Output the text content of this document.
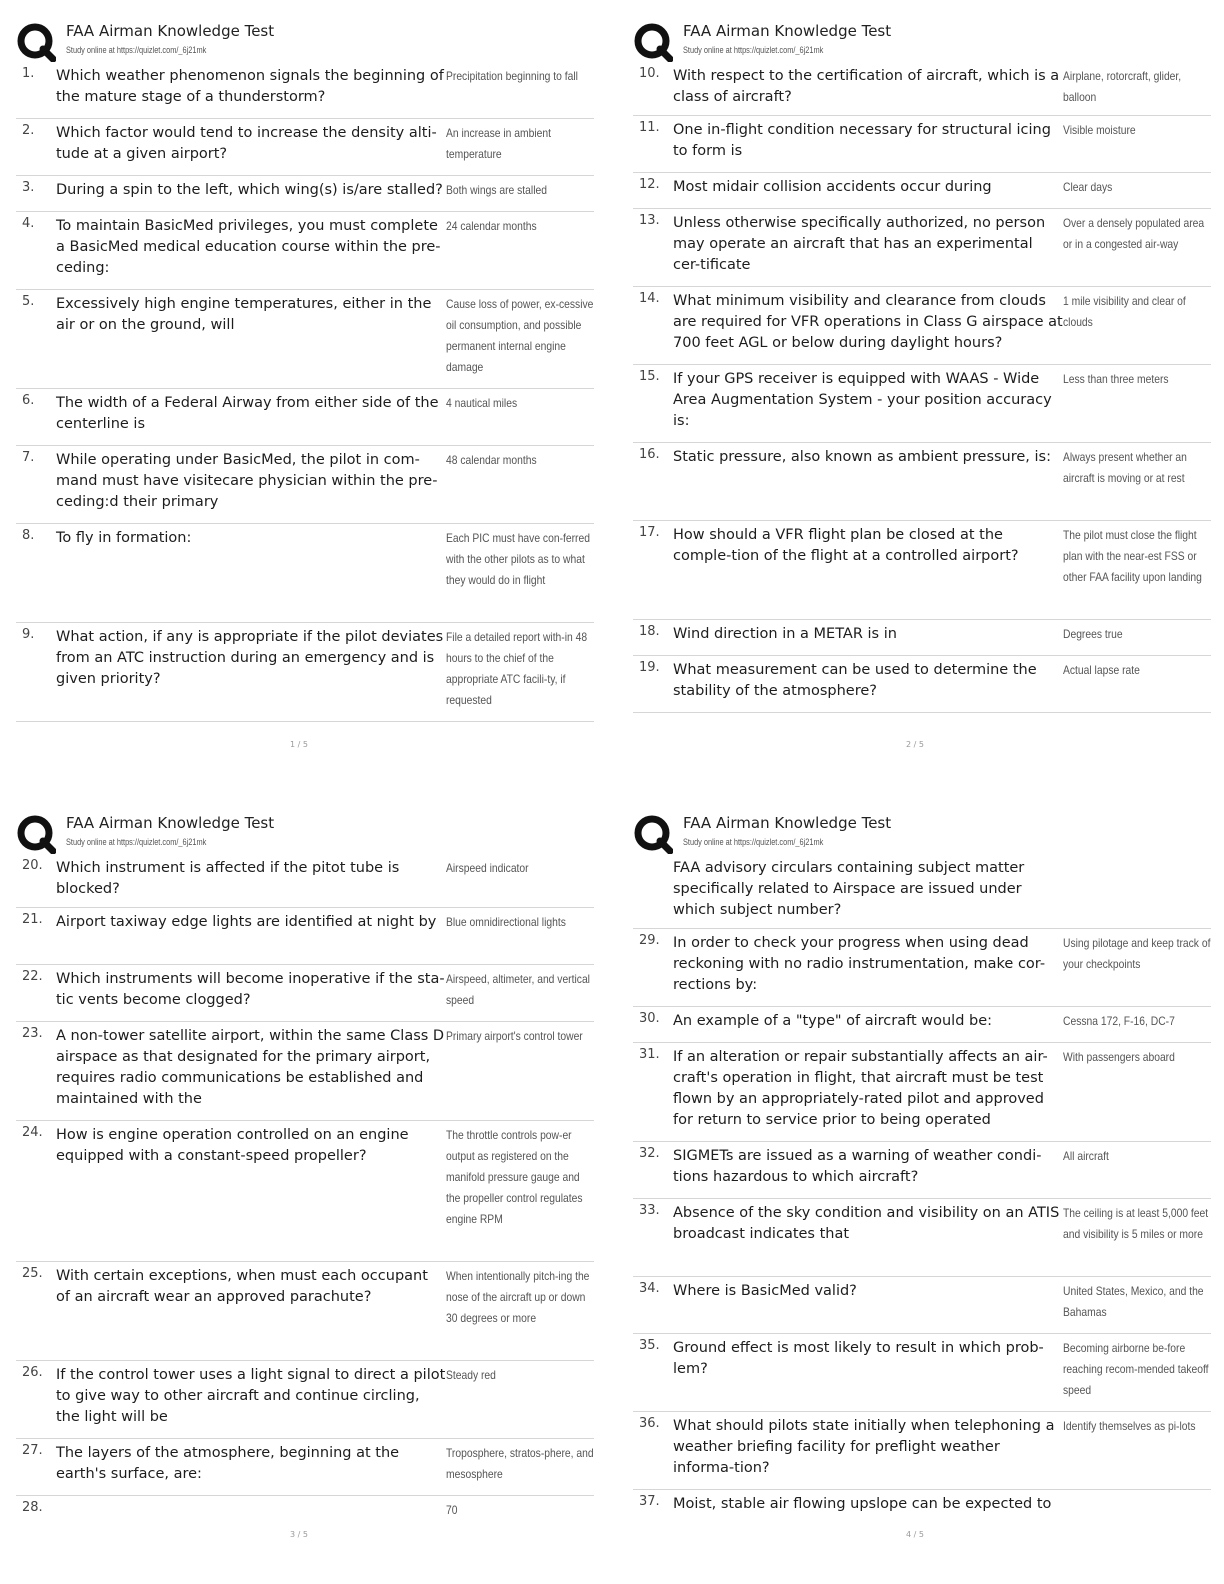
FAA Airman Knowledge Test
Study online at https://quizlet.com/_6j21mk
1.	Which weather phenomenon signals the beginning of the mature stage of a thunderstorm?
Precipitation beginning to fall
2.	Which factor would tend to increase the density alti-tude at a given airport?
An increase in ambient temperature
3.	During a spin to the left, which wing(s) is/are stalled? Both wings are stalled
4.	To maintain BasicMed privileges, you must complete a BasicMed medical education course within the pre-ceding:
24 calendar months
5.	Excessively high engine temperatures, either in the air or on the ground, will
Cause loss of power, ex-cessive oil consumption, and possible permanent internal engine damage
6.	The width of a Federal Airway from either side of the centerline is
4 nautical miles
7.	While operating under BasicMed, the pilot in com-mand must have visitecare physician within the pre-ceding:d their primary
48 calendar months
8.	To fly in formation:	Each PIC must have con-ferred with the other pilots as to what they would do in flight
9.	What action, if any is appropriate if the pilot deviates from an ATC instruction during an emergency and is given priority?
File a detailed report with-in 48 hours to the chief of the appropriate ATC facili-ty, if requested
1 / 5
FAA Airman Knowledge Test
Study online at https://quizlet.com/_6j21mk
10. With respect to the certification of aircraft, which is a class of aircraft?
Airplane, rotorcraft, glider, balloon
11. One in-flight condition necessary for structural icing to form is
Visible moisture
12. Most midair collision accidents occur during	Clear days
13. Unless otherwise specifically authorized, no person may operate an aircraft that has an experimental cer-tificate
Over a densely populated area or in a congested air-way
14. What minimum visibility and clearance from clouds are required for VFR operations in Class G airspace at 700 feet AGL or below during daylight hours?
1 mile visibility and clear of clouds
15. If your GPS receiver is equipped with WAAS - Wide Area Augmentation System - your position accuracy is:
Less than three meters
16. Static pressure, also known as ambient pressure, is:	Always present whether an aircraft is moving or at rest
17. How should a VFR flight plan be closed at the comple-tion of the flight at a controlled airport?
The pilot must close the flight plan with the near-est FSS or other FAA facility upon landing
18. Wind direction in a METAR is in	Degrees true
19. What measurement can be used to determine the stability of the atmosphere?
Actual lapse rate
2 / 5
FAA Airman Knowledge Test
Study online at https://quizlet.com/_6j21mk
20. Which instrument is affected if the pitot tube is blocked?
Airspeed indicator
21. Airport taxiway edge lights are identified at night by Blue omnidirectional lights
22. Which instruments will become inoperative if the sta-tic vents become clogged?
Airspeed, altimeter, and vertical speed
23. A non-tower satellite airport, within the same Class D airspace as that designated for the primary airport, requires radio communications be established and maintained with the
Primary airport's control tower
24. How is engine operation controlled on an engine equipped with a constant-speed propeller?
The throttle controls pow-er output as registered on the manifold pressure gauge and the propeller control regulates engine RPM
25. With certain exceptions, when must each occupant of an aircraft wear an approved parachute?
When intentionally pitch-ing the nose of the aircraft up or down 30 degrees or more
26. If the control tower uses a light signal to direct a pilot to give way to other aircraft and continue circling, the light will be
Steady red
27. The layers of the atmosphere, beginning at the earth's surface, are:
Troposphere, stratos-phere, and mesosphere
28.	70
3 / 5
FAA Airman Knowledge Test
Study online at https://quizlet.com/_6j21mk
FAA advisory circulars containing subject matter specifically related to Airspace are issued under which subject number?
29. In order to check your progress when using dead reckoning with no radio instrumentation, make cor-rections by:
Using pilotage and keep track of your checkpoints
30. An example of a "type" of aircraft would be:	Cessna 172, F-16, DC-7
31. If an alteration or repair substantially affects an air-craft's operation in flight, that aircraft must be test flown by an appropriately-rated pilot and approved for return to service prior to being operated
With passengers aboard
32. SIGMETs are issued as a warning of weather condi-tions hazardous to which aircraft?
All aircraft
33. Absence of the sky condition and visibility on an ATIS broadcast indicates that
The ceiling is at least 5,000 feet and visibility is 5 miles or more
34. Where is BasicMed valid?	United States, Mexico, and the Bahamas
35. Ground effect is most likely to result in which prob-lem?
Becoming airborne be-fore reaching recom-mended takeoff speed
36. What should pilots state initially when telephoning a weather briefing facility for preflight weather informa-tion?
Identify themselves as pi-lots
37. Moist, stable air flowing upslope can be expected to
4 / 5
